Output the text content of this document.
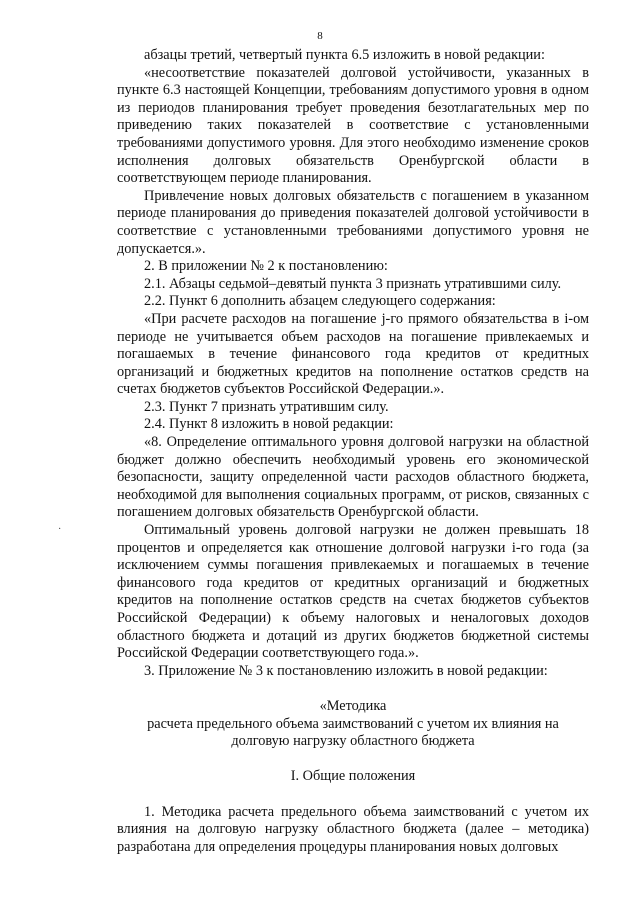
8
·

абзацы третий, четвертый пункта 6.5 изложить в новой редакции:

«несоответствие показателей долговой устойчивости, указанных в пункте 6.3 настоящей Концепции, требованиям допустимого уровня в одном из периодов планирования требует проведения безотлагательных мер по приведению таких показателей в соответствие с установленными требованиями допустимого уровня. Для этого необходимо изменение сроков исполнения долговых обязательств Оренбургской области в соответствующем периоде планирования.

Привлечение новых долговых обязательств с погашением в указанном периоде планирования до приведения показателей долговой устойчивости в соответствие с установленными требованиями допустимого уровня не допускается.».

2. В приложении № 2 к постановлению:

2.1. Абзацы седьмой–девятый пункта 3 признать утратившими силу.

2.2. Пункт 6 дополнить абзацем следующего содержания:

«При расчете расходов на погашение j-го прямого обязательства в i-ом периоде не учитывается объем расходов на погашение привлекаемых и погашаемых в течение финансового года кредитов от кредитных организаций и бюджетных кредитов на пополнение остатков средств на счетах бюджетов субъектов Российской Федерации.».

2.3. Пункт 7 признать утратившим силу.

2.4. Пункт 8 изложить в новой редакции:

«8. Определение оптимального уровня долговой нагрузки на областной бюджет должно обеспечить необходимый уровень его экономической безопасности, защиту определенной части расходов областного бюджета, необходимой для выполнения социальных программ, от рисков, связанных с погашением долговых обязательств Оренбургской области.

Оптимальный уровень долговой нагрузки не должен превышать 18 процентов и определяется как отношение долговой нагрузки i-го года (за исключением суммы погашения привлекаемых и погашаемых в течение финансового года кредитов от кредитных организаций и бюджетных кредитов на пополнение остатков средств на счетах бюджетов субъектов Российской Федерации) к объему налоговых и неналоговых доходов областного бюджета и дотаций из других бюджетов бюджетной системы Российской Федерации соответствующего года.».

3. Приложение № 3 к постановлению изложить в новой редакции:

«Методика

расчета предельного объема заимствований с учетом их влияния на долговую нагрузку областного бюджета

I. Общие положения

1. Методика расчета предельного объема заимствований с учетом их влияния на долговую нагрузку областного бюджета (далее – методика) разработана для определения процедуры планирования новых долговых
